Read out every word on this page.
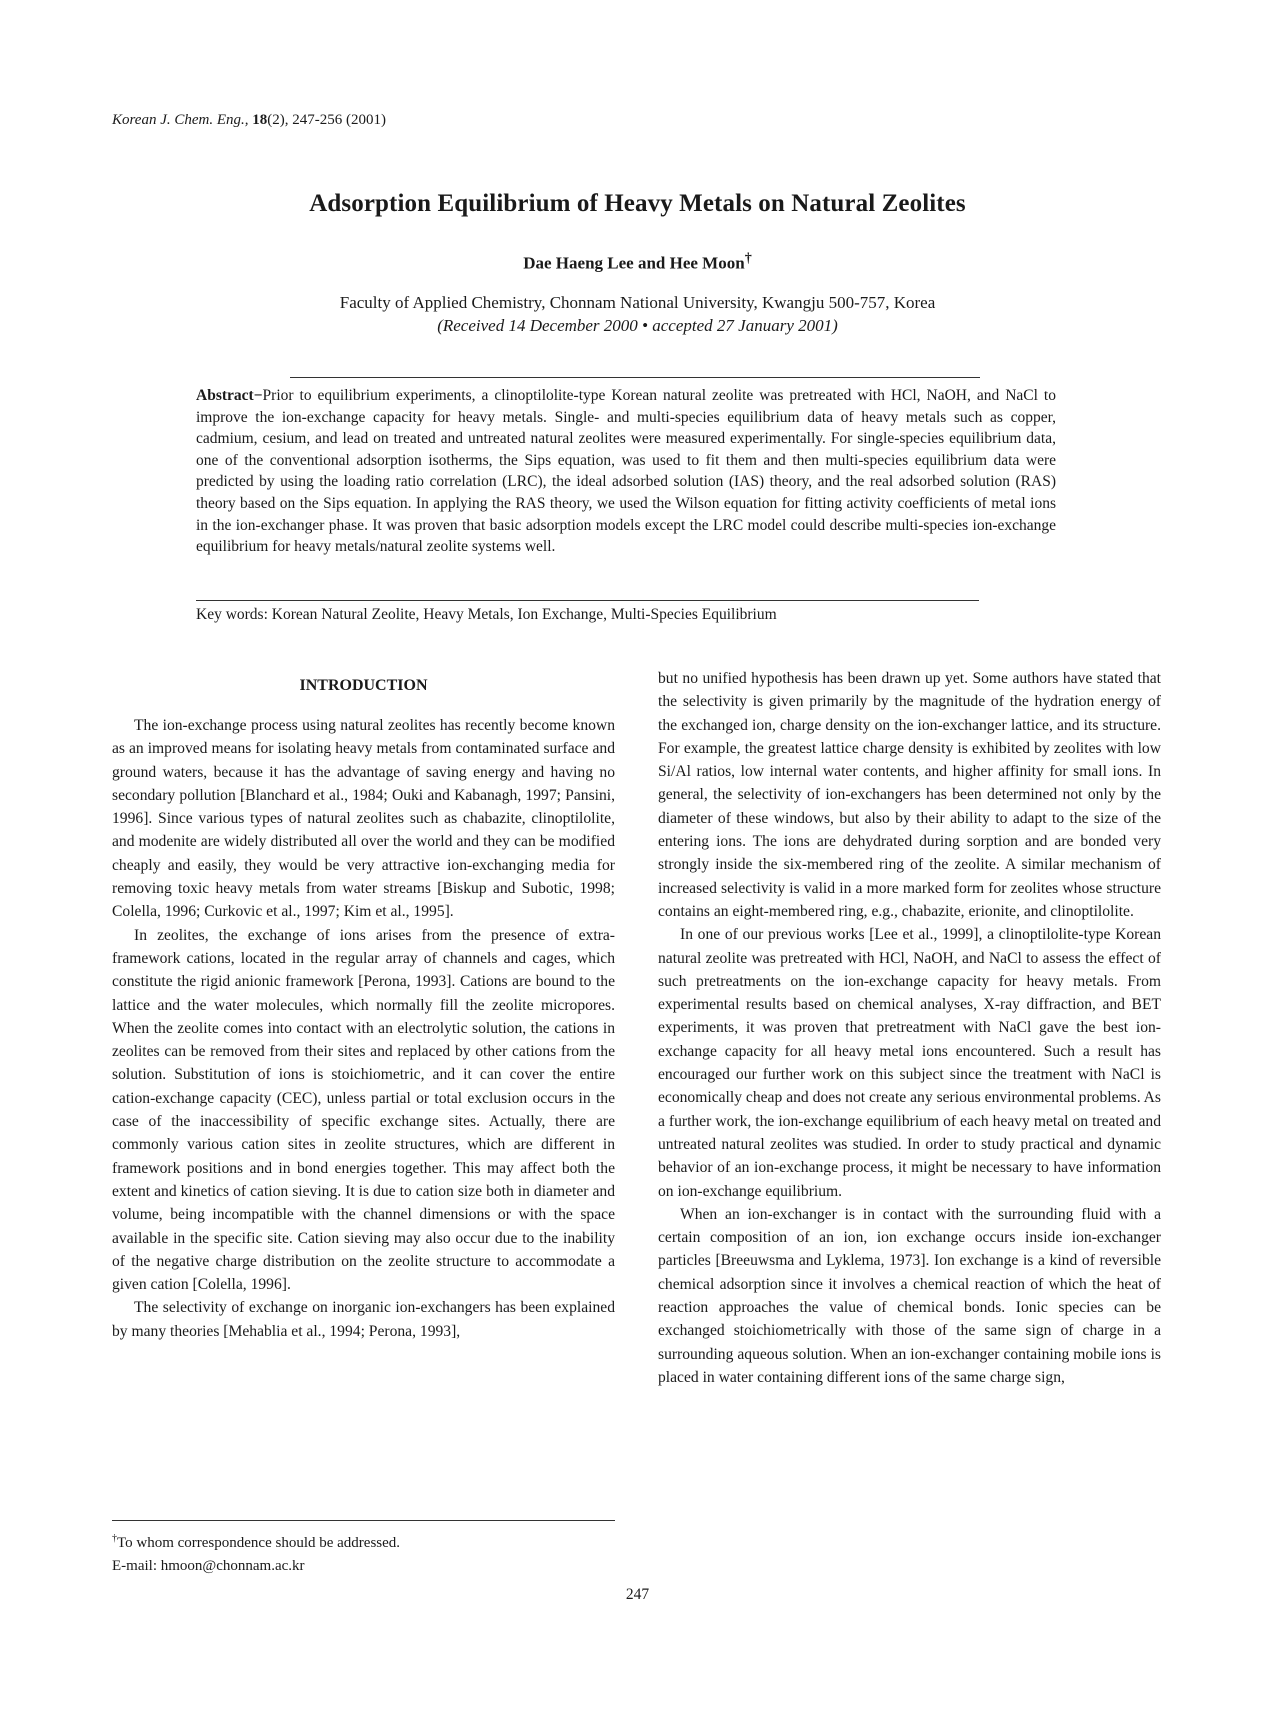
Korean J. Chem. Eng., 18(2), 247-256 (2001)
Adsorption Equilibrium of Heavy Metals on Natural Zeolites
Dae Haeng Lee and Hee Moon†
Faculty of Applied Chemistry, Chonnam National University, Kwangju 500-757, Korea
(Received 14 December 2000 • accepted 27 January 2001)
Abstract−Prior to equilibrium experiments, a clinoptilolite-type Korean natural zeolite was pretreated with HCl, NaOH, and NaCl to improve the ion-exchange capacity for heavy metals. Single- and multi-species equilibrium data of heavy metals such as copper, cadmium, cesium, and lead on treated and untreated natural zeolites were measured experimentally. For single-species equilibrium data, one of the conventional adsorption isotherms, the Sips equation, was used to fit them and then multi-species equilibrium data were predicted by using the loading ratio correlation (LRC), the ideal adsorbed solution (IAS) theory, and the real adsorbed solution (RAS) theory based on the Sips equation. In applying the RAS theory, we used the Wilson equation for fitting activity coefficients of metal ions in the ion-exchanger phase. It was proven that basic adsorption models except the LRC model could describe multi-species ion-exchange equilibrium for heavy metals/natural zeolite systems well.
Key words: Korean Natural Zeolite, Heavy Metals, Ion Exchange, Multi-Species Equilibrium
INTRODUCTION

The ion-exchange process using natural zeolites has recently become known as an improved means for isolating heavy metals from contaminated surface and ground waters, because it has the advantage of saving energy and having no secondary pollution [Blanchard et al., 1984; Ouki and Kabanagh, 1997; Pansini, 1996]. Since various types of natural zeolites such as chabazite, clinoptilolite, and modenite are widely distributed all over the world and they can be modified cheaply and easily, they would be very attractive ion-exchanging media for removing toxic heavy metals from water streams [Biskup and Subotic, 1998; Colella, 1996; Curkovic et al., 1997; Kim et al., 1995].

In zeolites, the exchange of ions arises from the presence of extra-framework cations, located in the regular array of channels and cages, which constitute the rigid anionic framework [Perona, 1993]. Cations are bound to the lattice and the water molecules, which normally fill the zeolite micropores. When the zeolite comes into contact with an electrolytic solution, the cations in zeolites can be removed from their sites and replaced by other cations from the solution. Substitution of ions is stoichiometric, and it can cover the entire cation-exchange capacity (CEC), unless partial or total exclusion occurs in the case of the inaccessibility of specific exchange sites. Actually, there are commonly various cation sites in zeolite structures, which are different in framework positions and in bond energies together. This may affect both the extent and kinetics of cation sieving. It is due to cation size both in diameter and volume, being incompatible with the channel dimensions or with the space available in the specific site. Cation sieving may also occur due to the inability of the negative charge distribution on the zeolite structure to accommodate a given cation [Colella, 1996].

The selectivity of exchange on inorganic ion-exchangers has been explained by many theories [Mehablia et al., 1994; Perona, 1993],

but no unified hypothesis has been drawn up yet. Some authors have stated that the selectivity is given primarily by the magnitude of the hydration energy of the exchanged ion, charge density on the ion-exchanger lattice, and its structure. For example, the greatest lattice charge density is exhibited by zeolites with low Si/Al ratios, low internal water contents, and higher affinity for small ions. In general, the selectivity of ion-exchangers has been determined not only by the diameter of these windows, but also by their ability to adapt to the size of the entering ions. The ions are dehydrated during sorption and are bonded very strongly inside the six-membered ring of the zeolite. A similar mechanism of increased selectivity is valid in a more marked form for zeolites whose structure contains an eight-membered ring, e.g., chabazite, erionite, and clinoptilolite.

In one of our previous works [Lee et al., 1999], a clinoptilolite-type Korean natural zeolite was pretreated with HCl, NaOH, and NaCl to assess the effect of such pretreatments on the ion-exchange capacity for heavy metals. From experimental results based on chemical analyses, X-ray diffraction, and BET experiments, it was proven that pretreatment with NaCl gave the best ion-exchange capacity for all heavy metal ions encountered. Such a result has encouraged our further work on this subject since the treatment with NaCl is economically cheap and does not create any serious environmental problems. As a further work, the ion-exchange equilibrium of each heavy metal on treated and untreated natural zeolites was studied. In order to study practical and dynamic behavior of an ion-exchange process, it might be necessary to have information on ion-exchange equilibrium.

When an ion-exchanger is in contact with the surrounding fluid with a certain composition of an ion, ion exchange occurs inside ion-exchanger particles [Breeuwsma and Lyklema, 1973]. Ion exchange is a kind of reversible chemical adsorption since it involves a chemical reaction of which the heat of reaction approaches the value of chemical bonds. Ionic species can be exchanged stoichiometrically with those of the same sign of charge in a surrounding aqueous solution. When an ion-exchanger containing mobile ions is placed in water containing different ions of the same charge sign,

†To whom correspondence should be addressed.
E-mail: hmoon@chonnam.ac.kr
247
